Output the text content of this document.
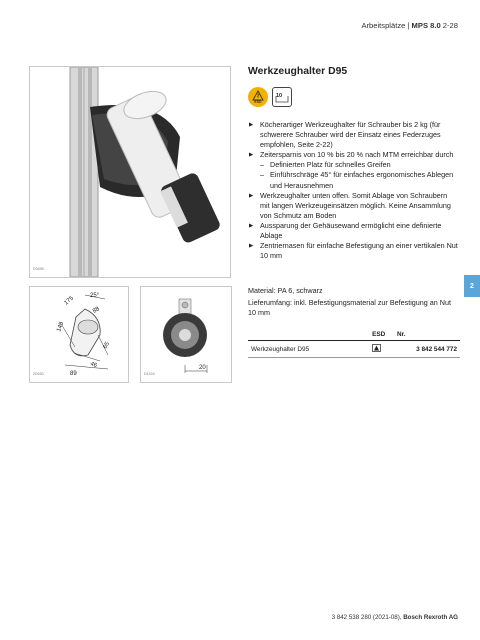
Arbeitsplätze | MPS 8.0 2-28
2
D3495
25°
175
88
145
65
46
89
2D530
20
D1424
Werkzeughalter D95
ESD
10
▶ Köcherartiger Werkzeughalter für Schrauber bis 2 kg (für schwerere Schrauber wird der Einsatz eines Federzuges empfohlen, Seite 2-22)
▶ Zeitersparnis von 10 % bis 20 % nach MTM erreichbar durch
– Definierten Platz für schnelles Greifen
– Einführschräge 45° für einfaches ergonomisches Ablegen und Herausnehmen
▶ Werkzeughalter unten offen. Somit Ablage von Schraubern mit langen Werkzeugeinsätzen möglich. Keine Ansammlung von Schmutz am Boden
▶ Aussparung der Gehäusewand ermöglicht eine definierte Ablage
▶ Zentriernasen für einfache Befestigung an einer vertikalen Nut 10 mm

Material: PA 6, schwarz

Lieferumfang: inkl. Befestigungsmaterial zur Befestigung an Nut 10 mm

	ESD	Nr.
Werkzeughalter D95		3 842 544 772
3 842 538 280 (2021-08), Bosch Rexroth AG
